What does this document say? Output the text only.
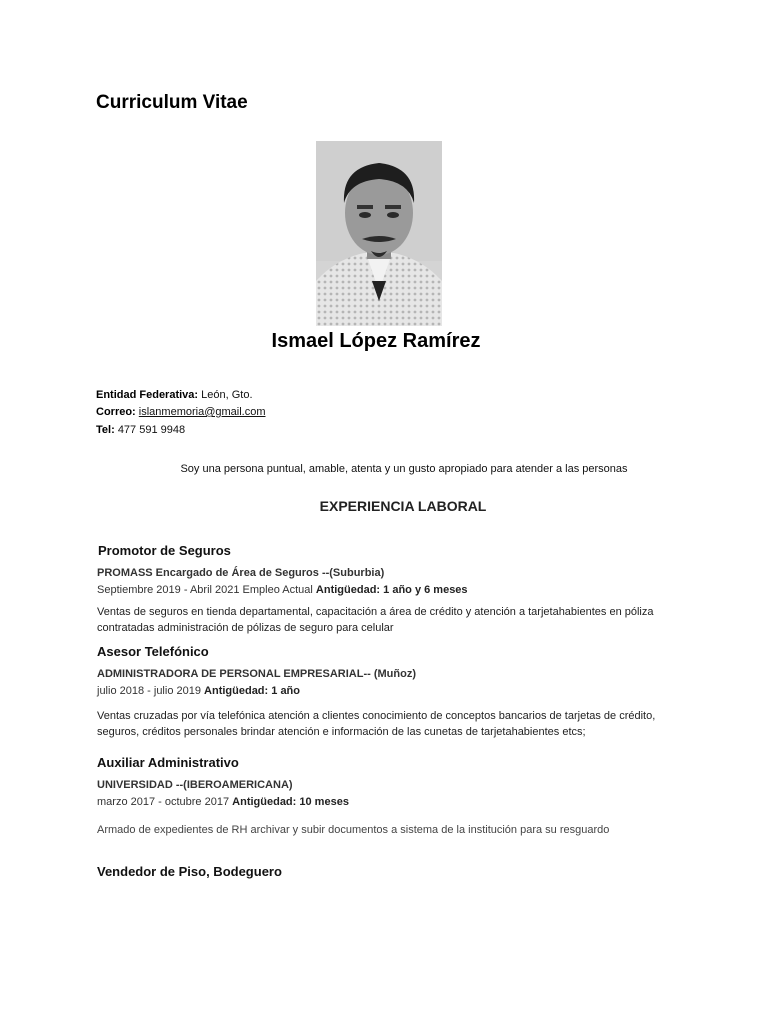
Curriculum Vitae
Ismael López Ramírez
Entidad Federativa: León, Gto.
Correo: islanmemoria@gmail.com
Tel: 477 591 9948
Soy una persona puntual, amable, atenta y un gusto apropiado para atender a las personas
EXPERIENCIA LABORAL
Promotor de Seguros
PROMASS Encargado de Área de Seguros --(Suburbia)
Septiembre 2019 - Abril 2021 Empleo Actual Antigüedad: 1 año y 6 meses
Ventas de seguros en tienda departamental, capacitación a área de crédito y atención a tarjetahabientes en póliza contratadas administración de pólizas de seguro para celular
Asesor Telefónico
ADMINISTRADORA DE PERSONAL EMPRESARIAL-- (Muñoz)
julio 2018 - julio 2019 Antigüedad: 1 año
Ventas cruzadas por vía telefónica atención a clientes conocimiento de conceptos bancarios de tarjetas de crédito, seguros, créditos personales brindar atención e información de las cunetas de tarjetahabientes etcs;
Auxiliar Administrativo
UNIVERSIDAD --(IBEROAMERICANA)
marzo 2017 - octubre 2017 Antigüedad: 10 meses
Armado de expedientes de RH archivar y subir documentos a sistema de la institución para su resguardo
Vendedor de Piso, Bodeguero
